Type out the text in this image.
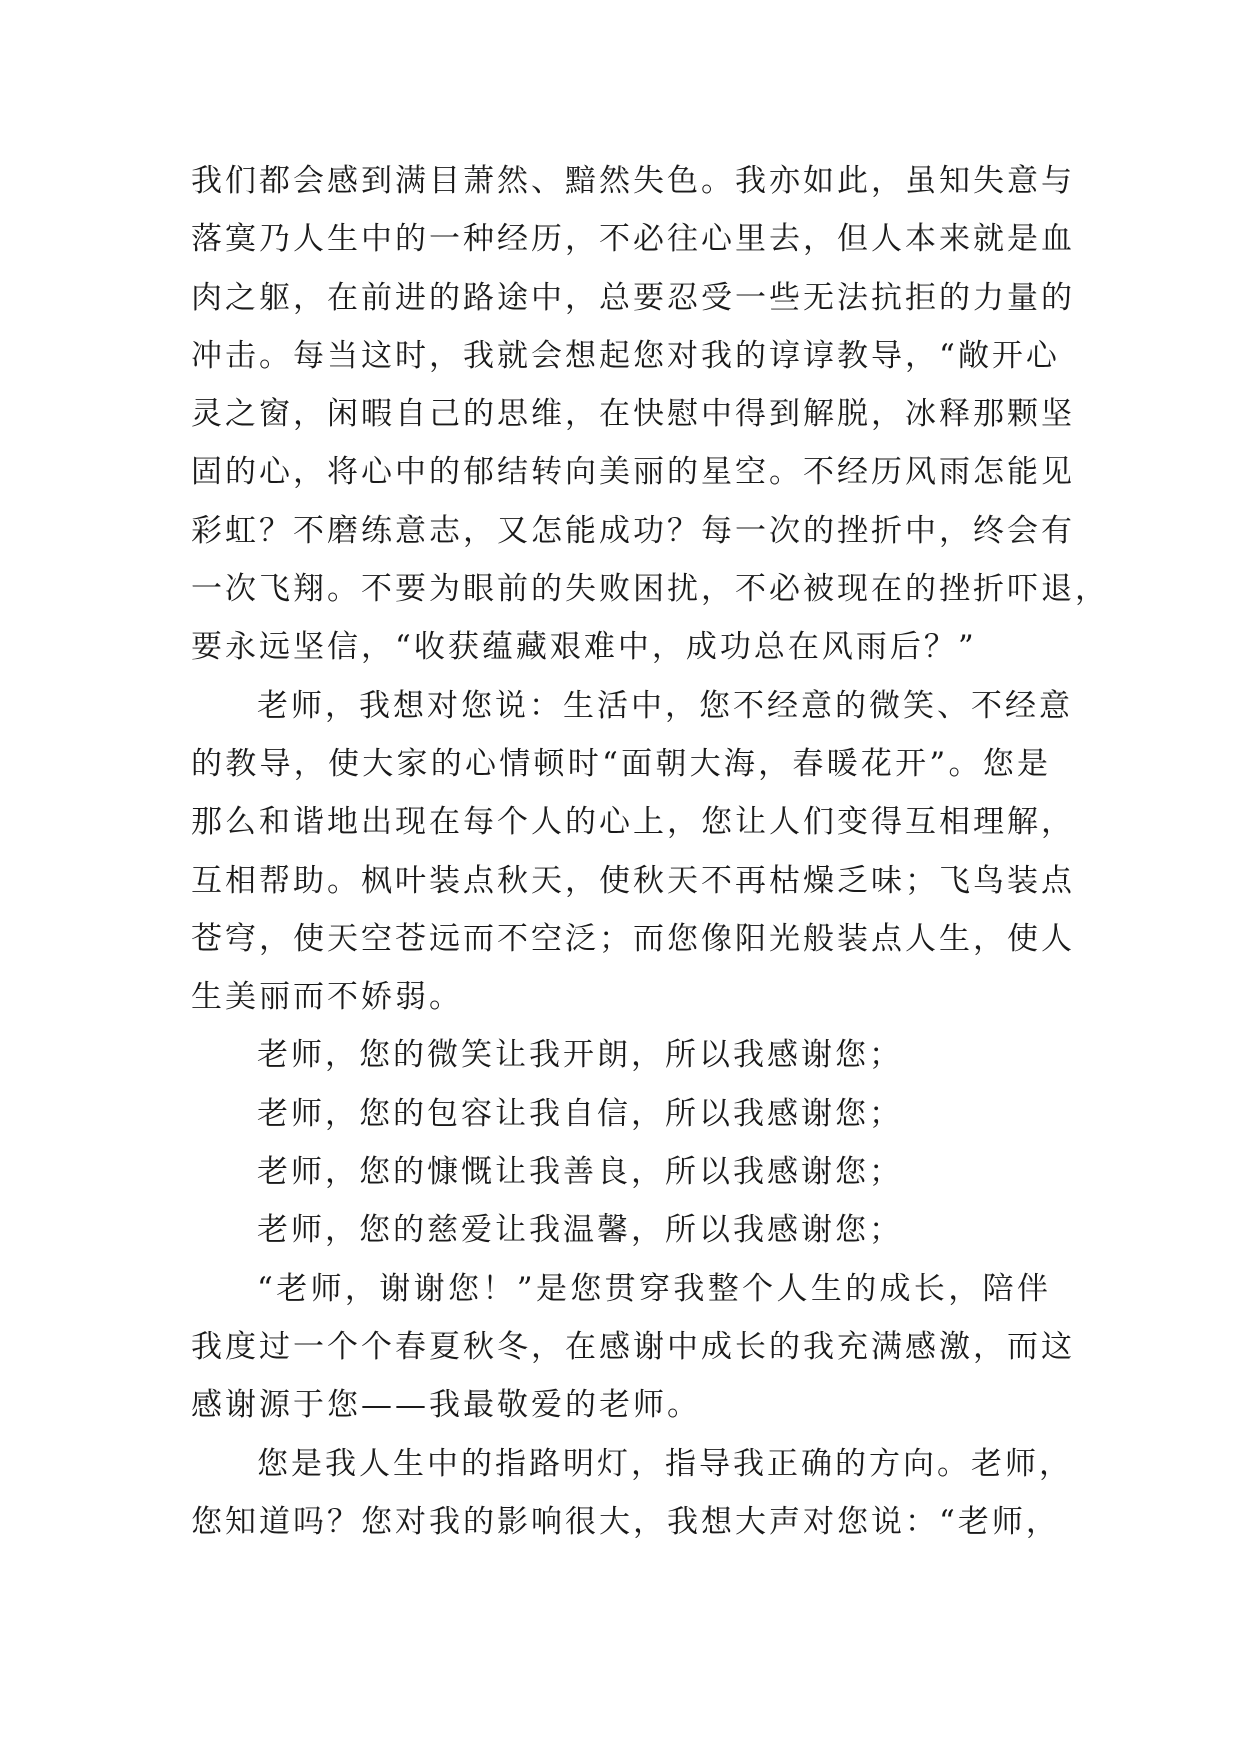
我们都会感到满目萧然、黯然失色。我亦如此，虽知失意与
落寞乃人生中的一种经历，不必往心里去，但人本来就是血
肉之躯，在前进的路途中，总要忍受一些无法抗拒的力量的
冲击。每当这时，我就会想起您对我的谆谆教导，“敞开心
灵之窗，闲暇自己的思维，在快慰中得到解脱，冰释那颗坚
固的心，将心中的郁结转向美丽的星空。不经历风雨怎能见
彩虹？不磨练意志，又怎能成功？每一次的挫折中，终会有
一次飞翔。不要为眼前的失败困扰，不必被现在的挫折吓退，
要永远坚信，“收获蕴藏艰难中，成功总在风雨后？”
老师，我想对您说：生活中，您不经意的微笑、不经意
的教导，使大家的心情顿时“面朝大海，春暖花开”。您是
那么和谐地出现在每个人的心上，您让人们变得互相理解，
互相帮助。枫叶装点秋天，使秋天不再枯燥乏味；飞鸟装点
苍穹，使天空苍远而不空泛；而您像阳光般装点人生，使人
生美丽而不娇弱。
老师，您的微笑让我开朗，所以我感谢您；
老师，您的包容让我自信，所以我感谢您；
老师，您的慷慨让我善良，所以我感谢您；
老师，您的慈爱让我温馨，所以我感谢您；
“老师，谢谢您！”是您贯穿我整个人生的成长，陪伴
我度过一个个春夏秋冬，在感谢中成长的我充满感激，而这
感谢源于您——我最敬爱的老师。
您是我人生中的指路明灯，指导我正确的方向。老师，
您知道吗？您对我的影响很大，我想大声对您说：“老师，
